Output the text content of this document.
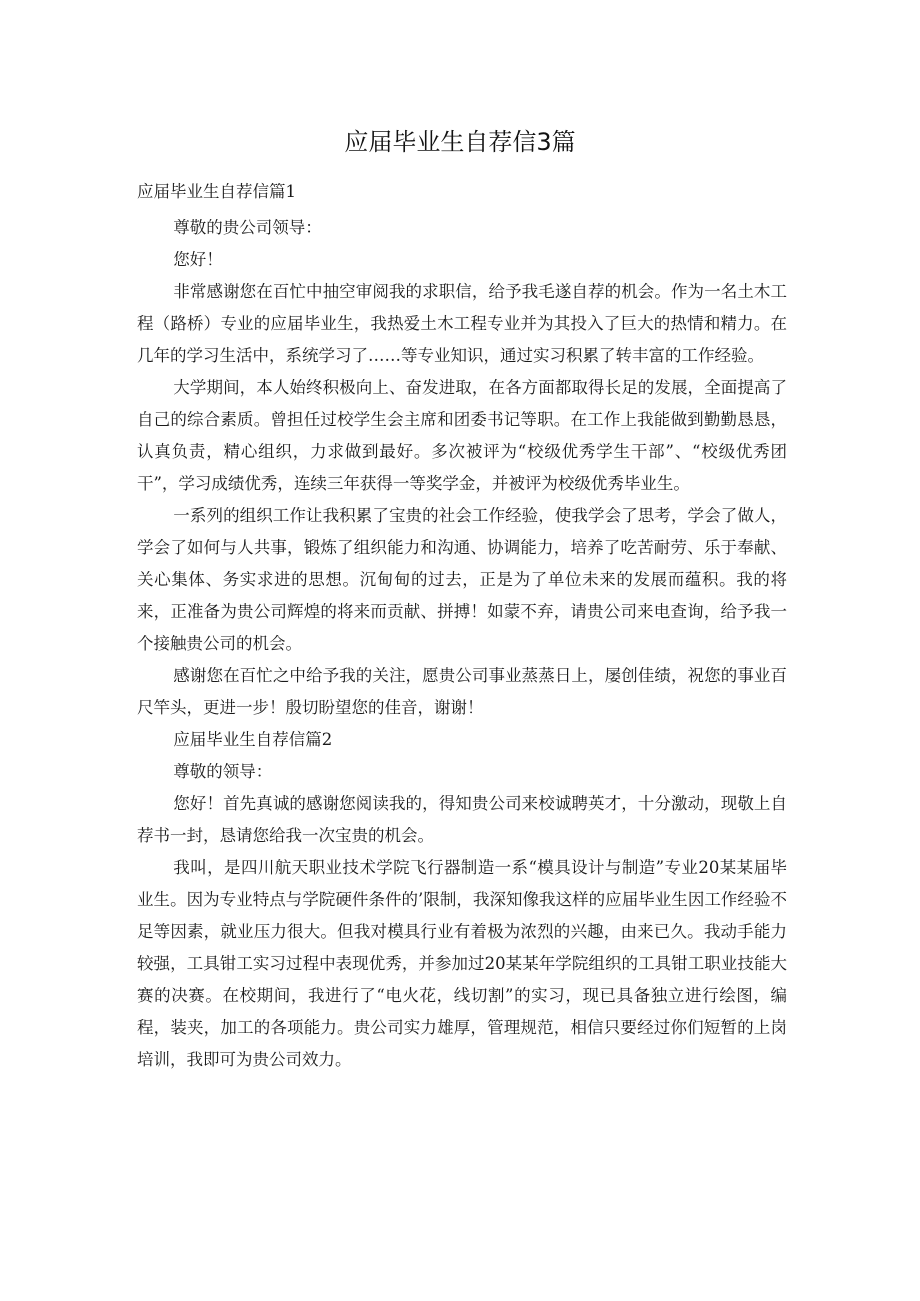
应届毕业生自荐信3篇

应届毕业生自荐信篇1

尊敬的贵公司领导：

您好！

非常感谢您在百忙中抽空审阅我的求职信，给予我毛遂自荐的机会。作为一名土木工程（路桥）专业的应届毕业生，我热爱土木工程专业并为其投入了巨大的热情和精力。在几年的学习生活中，系统学习了……等专业知识，通过实习积累了转丰富的工作经验。

大学期间，本人始终积极向上、奋发进取，在各方面都取得长足的发展，全面提高了自己的综合素质。曾担任过校学生会主席和团委书记等职。在工作上我能做到勤勤恳恳，认真负责，精心组织，力求做到最好。多次被评为“校级优秀学生干部”、“校级优秀团干”，学习成绩优秀，连续三年获得一等奖学金，并被评为校级优秀毕业生。

一系列的组织工作让我积累了宝贵的社会工作经验，使我学会了思考，学会了做人，学会了如何与人共事，锻炼了组织能力和沟通、协调能力，培养了吃苦耐劳、乐于奉献、关心集体、务实求进的思想。沉甸甸的过去，正是为了单位未来的发展而蕴积。我的将来，正准备为贵公司辉煌的将来而贡献、拼搏！如蒙不弃，请贵公司来电查询，给予我一个接触贵公司的机会。

感谢您在百忙之中给予我的关注，愿贵公司事业蒸蒸日上，屡创佳绩，祝您的事业百尺竿头，更进一步！殷切盼望您的佳音，谢谢！

应届毕业生自荐信篇2

尊敬的领导：

您好！首先真诚的感谢您阅读我的，得知贵公司来校诚聘英才，十分激动，现敬上自荐书一封，恳请您给我一次宝贵的机会。

我叫，是四川航天职业技术学院飞行器制造一系“模具设计与制造”专业20某某届毕业生。因为专业特点与学院硬件条件的’限制，我深知像我这样的应届毕业生因工作经验不足等因素，就业压力很大。但我对模具行业有着极为浓烈的兴趣，由来已久。我动手能力较强，工具钳工实习过程中表现优秀，并参加过20某某年学院组织的工具钳工职业技能大赛的决赛。在校期间，我进行了“电火花，线切割”的实习，现已具备独立进行绘图，编程，装夹，加工的各项能力。贵公司实力雄厚，管理规范，相信只要经过你们短暂的上岗培训，我即可为贵公司效力。
